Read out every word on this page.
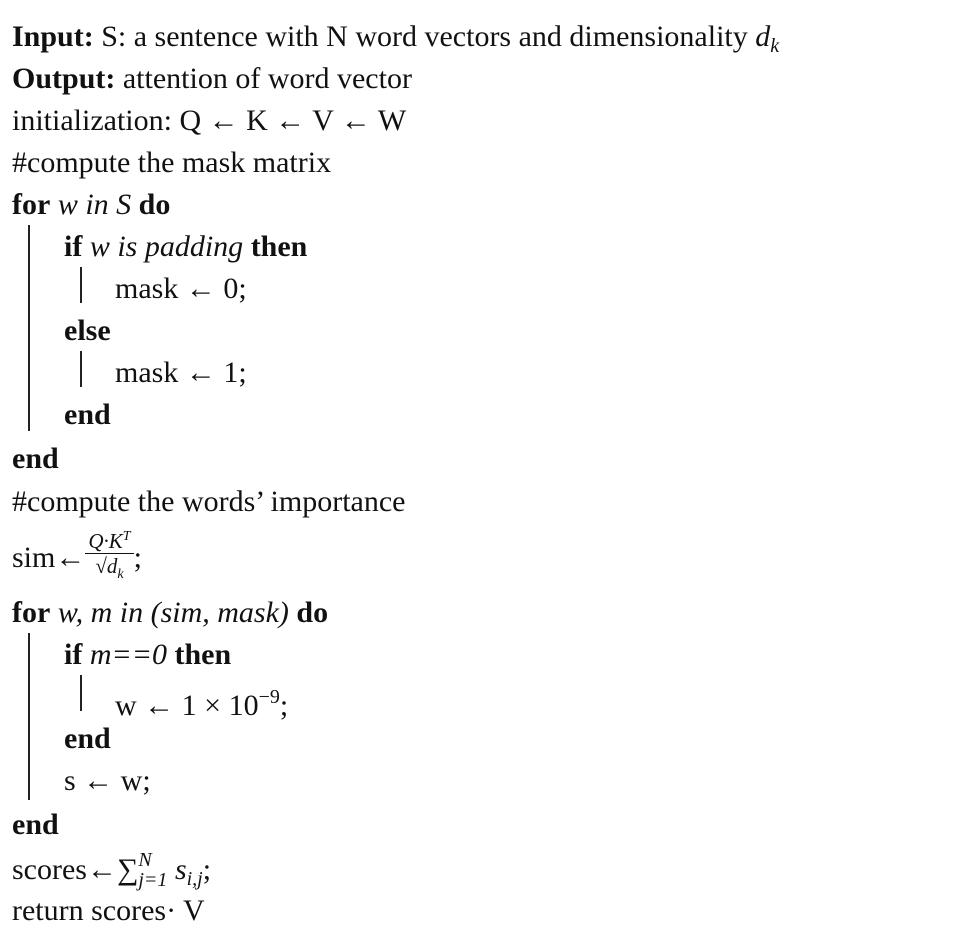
Input: S: a sentence with N word vectors and dimensionality $d_k$
Output: attention of word vector
initialization: Q ← K ← V ← W
#compute the mask matrix
for w in S do
if w is padding then
mask ← 0;
else
mask ← 1;
end
end
#compute the words’ importance
sim← $\frac{Q\cdot K^T}{√d_k}$ ;
for w, m in (sim, mask) do
if m==0 then
w ← $1 \times 10^{-9}$;
end
s ← w;
end
scores←∑ N
j=1 $s_{i,j}$;
return scores· V
